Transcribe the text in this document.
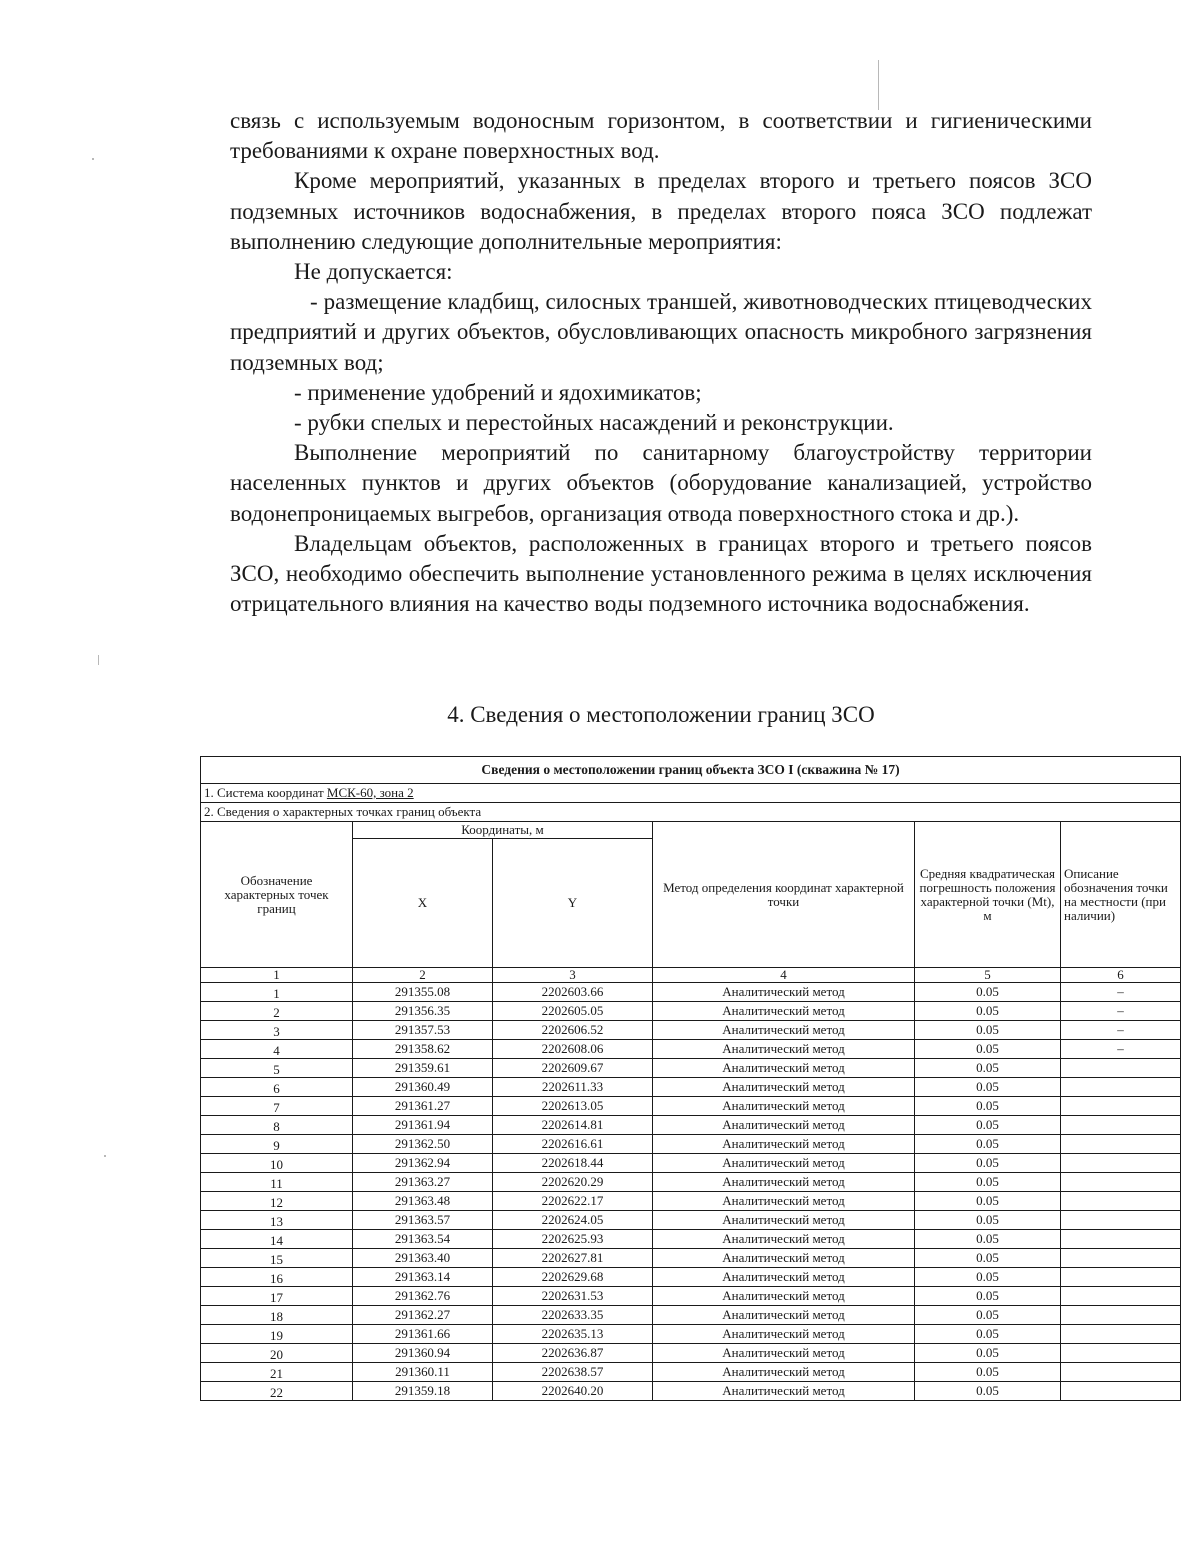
связь с используемым водоносным горизонтом, в соответствии и гигиеническими требованиями к охране поверхностных вод.

Кроме мероприятий, указанных в пределах второго и третьего поясов ЗСО подземных источников водоснабжения, в пределах второго пояса ЗСО подлежат выполнению следующие дополнительные мероприятия:

Не допускается:

- размещение кладбищ, силосных траншей, животноводческих птицеводческих предприятий и других объектов, обусловливающих опасность микробного загрязнения подземных вод;

- применение удобрений и ядохимикатов;

- рубки спелых и перестойных насаждений и реконструкции.

Выполнение мероприятий по санитарному благоустройству территории населенных пунктов и других объектов (оборудование канализацией, устройство водонепроницаемых выгребов, организация отвода поверхностного стока и др.).

Владельцам объектов, расположенных в границах второго и третьего поясов ЗСО, необходимо обеспечить выполнение установленного режима в целях исключения отрицательного влияния на качество воды подземного источника водоснабжения.

4. Сведения о местоположении границ ЗСО
Сведения о местоположении границ объекта ЗСО I (скважина № 17)					
1. Система координат МСК-60, зона 2					
2. Сведения о характерных точках границ объекта					
Обозначение характерных точек границ	Координаты, м		Метод определения координат характерной точки	Средняя квадратическая погрешность положения характерной точки (Mt), м	Описание обозначения точки на местности (при наличии)
	X	Y			
1	2	3	4	5	6
1	291355.08	2202603.66	Аналитический метод	0.05	–
2	291356.35	2202605.05	Аналитический метод	0.05	–
3	291357.53	2202606.52	Аналитический метод	0.05	–
4	291358.62	2202608.06	Аналитический метод	0.05	–
5	291359.61	2202609.67	Аналитический метод	0.05	
6	291360.49	2202611.33	Аналитический метод	0.05	
7	291361.27	2202613.05	Аналитический метод	0.05	
8	291361.94	2202614.81	Аналитический метод	0.05	
9	291362.50	2202616.61	Аналитический метод	0.05	
10	291362.94	2202618.44	Аналитический метод	0.05	
11	291363.27	2202620.29	Аналитический метод	0.05	
12	291363.48	2202622.17	Аналитический метод	0.05	
13	291363.57	2202624.05	Аналитический метод	0.05	
14	291363.54	2202625.93	Аналитический метод	0.05	
15	291363.40	2202627.81	Аналитический метод	0.05	
16	291363.14	2202629.68	Аналитический метод	0.05	
17	291362.76	2202631.53	Аналитический метод	0.05	
18	291362.27	2202633.35	Аналитический метод	0.05	
19	291361.66	2202635.13	Аналитический метод	0.05	
20	291360.94	2202636.87	Аналитический метод	0.05	
21	291360.11	2202638.57	Аналитический метод	0.05	
22	291359.18	2202640.20	Аналитический метод	0.05	
